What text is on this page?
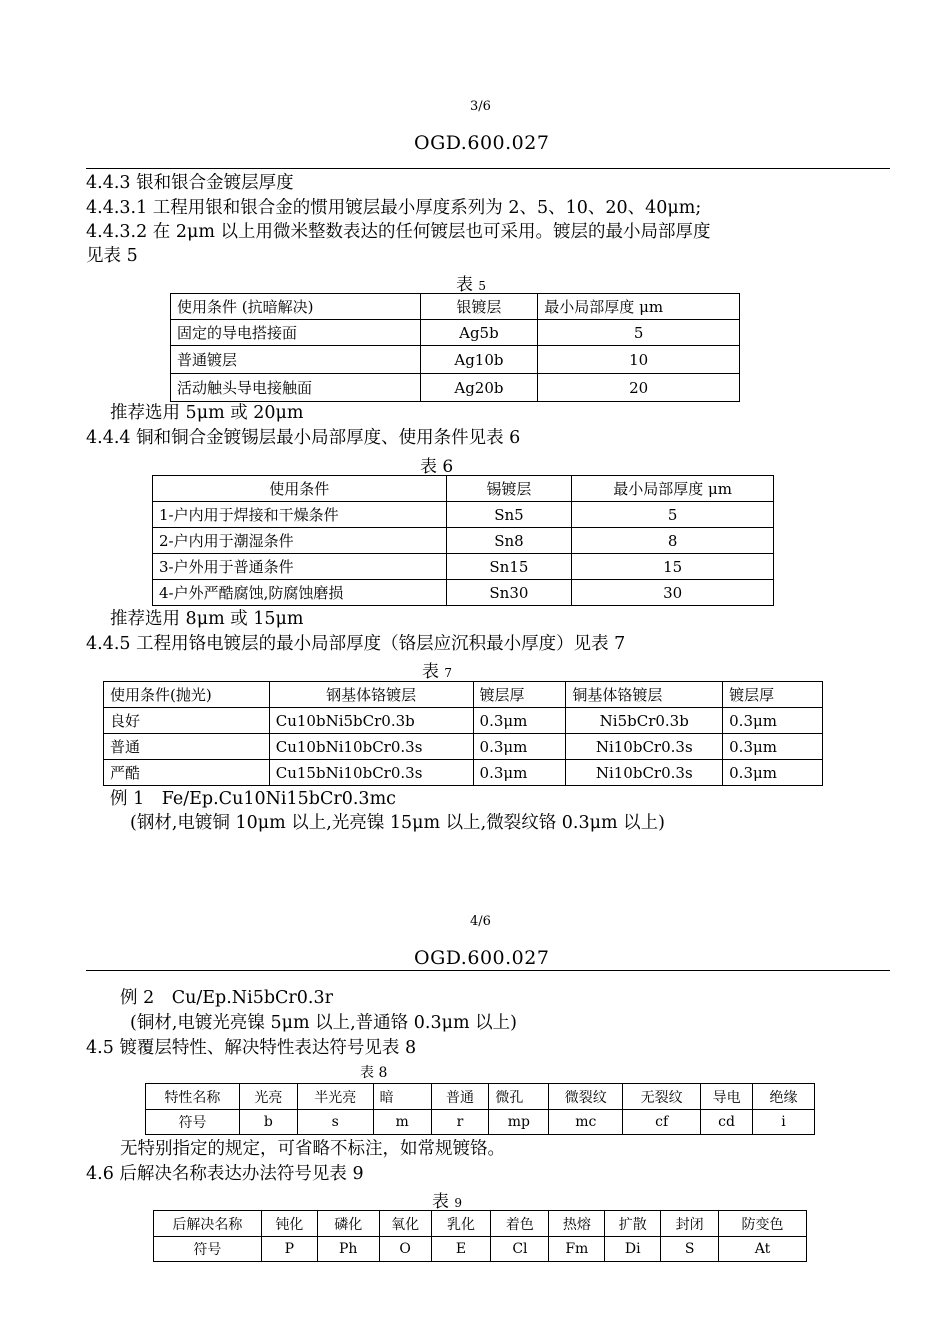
3/6
OGD.600.027
4.4.3 银和银合金镀层厚度
4.4.3.1 工程用银和银合金的惯用镀层最小厚度系列为 2、5、10、20、40μm;
4.4.3.2 在 2μm 以上用微米整数表达的任何镀层也可采用。镀层的最小局部厚度
见表 5
表 5
使用条件 (抗暗解决)	银镀层	最小局部厚度 μm
固定的导电搭接面	Ag5b	5
普通镀层	Ag10b	10
活动触头导电接触面	Ag20b	20
推荐选用 5μm 或 20μm
4.4.4 铜和铜合金镀锡层最小局部厚度、使用条件见表 6
表 6
使用条件	锡镀层	最小局部厚度 μm
1-户内用于焊接和干燥条件	Sn5	5
2-户内用于潮湿条件	Sn8	8
3-户外用于普通条件	Sn15	15
4-户外严酷腐蚀,防腐蚀磨损	Sn30	30
推荐选用 8μm 或 15μm
4.4.5 工程用铬电镀层的最小局部厚度（铬层应沉积最小厚度）见表 7
表 7
使用条件(抛光)	钢基体铬镀层	镀层厚	铜基体铬镀层	镀层厚
良好	Cu10bNi5bCr0.3b	0.3μm	Ni5bCr0.3b	0.3μm
普通	Cu10bNi10bCr0.3s	0.3μm	Ni10bCr0.3s	0.3μm
严酷	Cu15bNi10bCr0.3s	0.3μm	Ni10bCr0.3s	0.3μm
例 1　Fe/Ep.Cu10Ni15bCr0.3mc
(钢材,电镀铜 10μm 以上,光亮镍 15μm 以上,微裂纹铬 0.3μm 以上)
4/6
OGD.600.027
例 2　Cu/Ep.Ni5bCr0.3r
(铜材,电镀光亮镍 5μm 以上,普通铬 0.3μm 以上)
4.5 镀覆层特性、解决特性表达符号见表 8
表 8
特性名称	光亮	半光亮	暗	普通	微孔	微裂纹	无裂纹	导电	绝缘
符号	b	s	m	r	mp	mc	cf	cd	i
无特别指定的规定，可省略不标注，如常规镀铬。
4.6 后解决名称表达办法符号见表 9
表 9
后解决名称	钝化	磷化	氧化	乳化	着色	热熔	扩散	封闭	防变色
符号	P	Ph	O	E	Cl	Fm	Di	S	At
